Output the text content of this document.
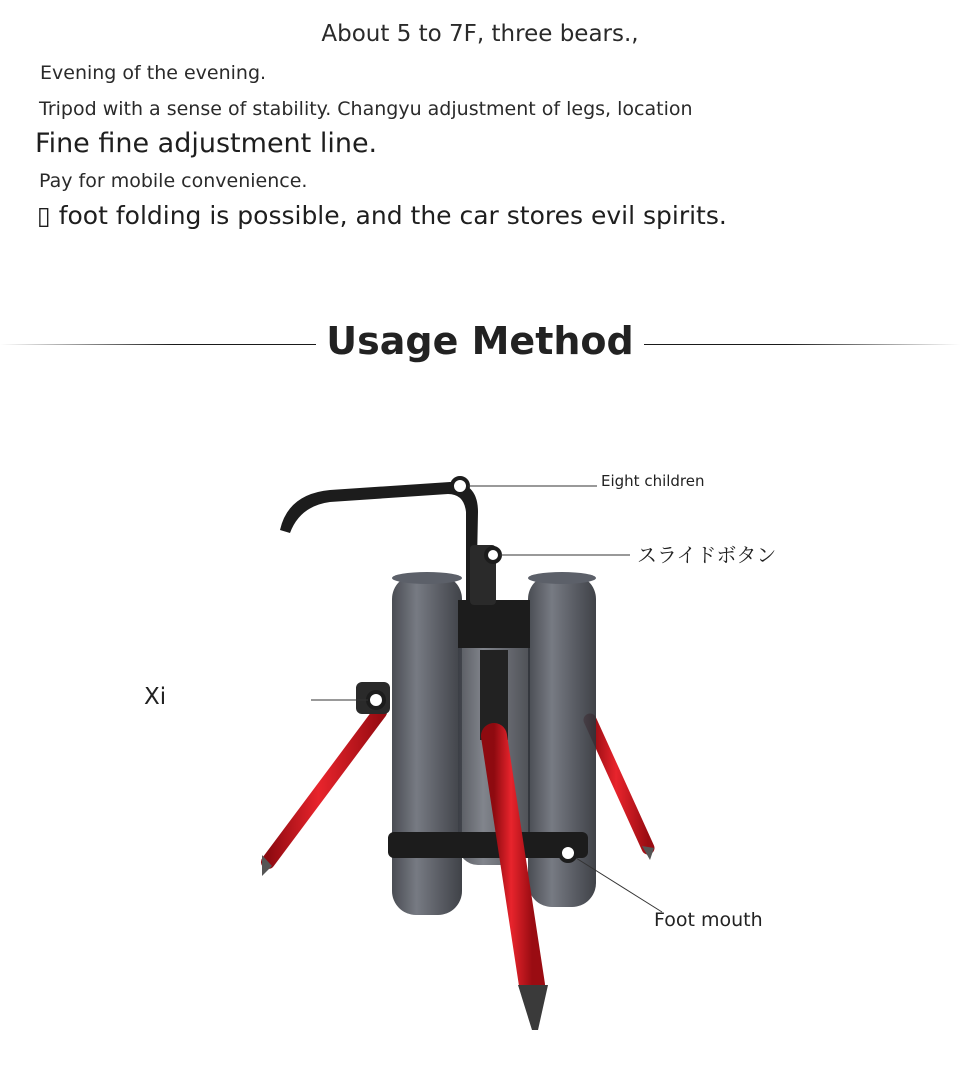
About 5 to 7F, three bears.,
Evening of the evening.
Tripod with a sense of stability. Changyu adjustment of legs, location
Fine fine adjustment line.
Pay for mobile convenience.
▯ foot folding is possible, and the car stores evil spirits.
Usage Method
Eight children
スライドボタン
Xi
Foot mouth
